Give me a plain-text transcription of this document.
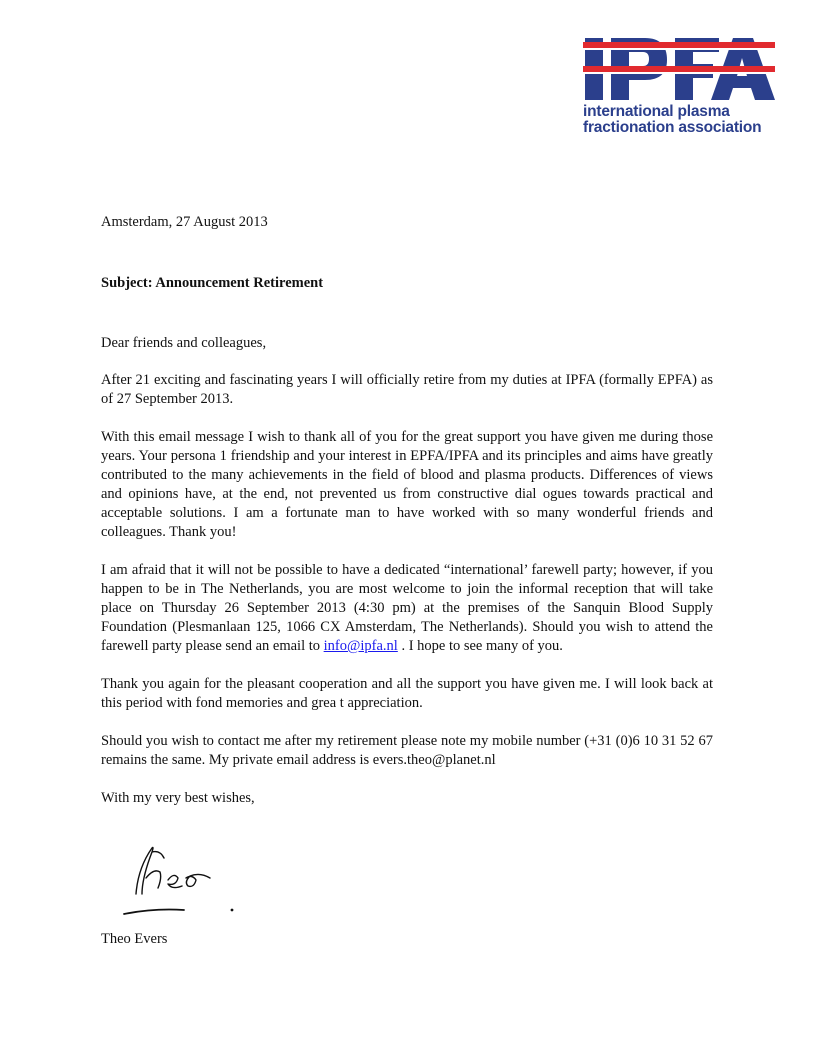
international plasma
fractionation association

Amsterdam, 27 August 2013

Subject: Announcement Retirement

Dear friends and colleagues,

After 21 exciting and fascinating years I will officially retire from my duties at IPFA (formally EPFA) as of 27 September 2013.

With this email message I wish to thank all of you for the great support you have given me during those years. Your persona 1 friendship and your interest in EPFA/IPFA and its principles and aims have greatly contributed to the many achievements in the field of blood and plasma products. Differences of views and opinions have, at the end, not prevented us from constructive dial ogues towards practical and acceptable solutions. I am a fortunate man to have worked with so many wonderful friends and colleagues. Thank you!

I am afraid that it will not be possible to have a dedicated “international’ farewell party; however, if you happen to be in The Netherlands, you are most welcome to join the informal reception that will take place on Thursday 26 September 2013 (4:30 pm) at the premises of the Sanquin Blood Supply Foundation (Plesmanlaan 125, 1066 CX Amsterdam, The Netherlands). Should you wish to attend the farewell party please send an email to info@ipfa.nl . I hope to see many of you.

Thank you again for the pleasant cooperation and all the support you have given me. I will look back at this period with fond memories and grea t appreciation.

Should you wish to contact me after my retirement please note my mobile number (+31 (0)6 10 31 52 67 remains the same. My private email address is evers.theo@planet.nl

With my very best wishes,

Theo Evers
